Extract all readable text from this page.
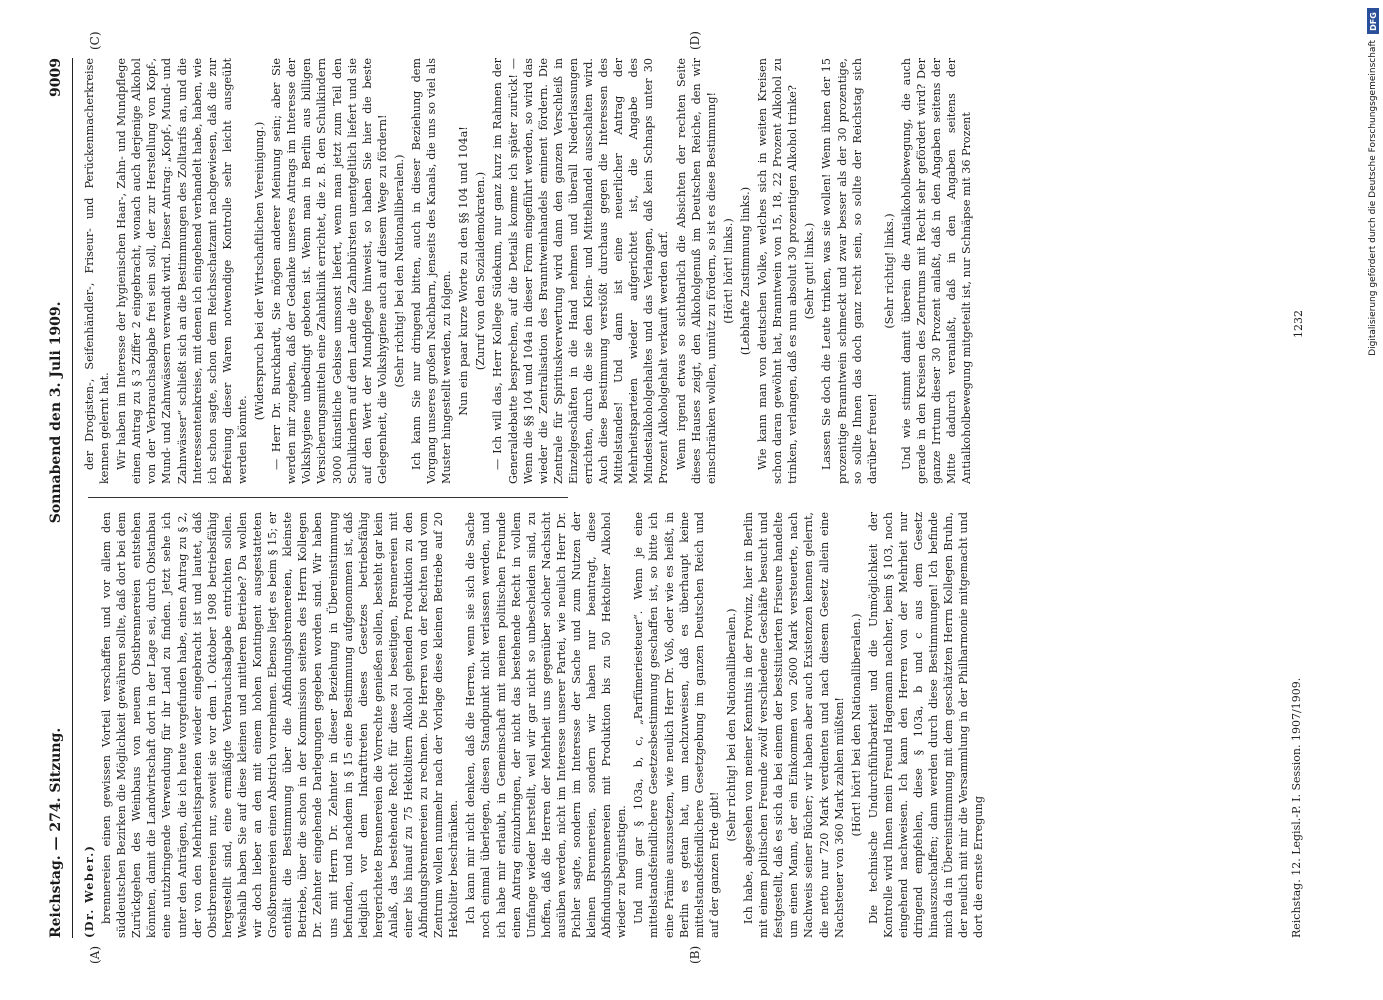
Reichstag. — 274. Sitzung.
Sonnabend den 3. Juli 1909.
9009
(A)	(B)
(C)	(D)

(Dr. Weber.) brennereien einen gewissen Vorteil verschaffen und vor allem den süddeutschen Bezirken die Möglichkeit gewähren sollte, daß dort bei dem Zurückgehen des Weinbaus von neuem Obstbrennereien entstehen könnten, damit die Landwirtschaft dort in der Lage sei, durch Obstanbau eine nutzbringende Verwendung für ihr Land zu finden. Jetzt sehe ich unter den Anträgen, die ich heute vorgefunden habe, einen Antrag zu § 2, der von den Mehrheitsparteien wieder eingebracht ist und lautet, daß Obstbrennereien nur, soweit sie vor dem 1. Oktober 1908 betriebsfähig hergestellt sind, eine ermäßigte Verbrauchsabgabe entrichten sollen. Weshalb haben Sie auf diese kleinen und mittleren Betriebe? Da wollen wir doch lieber an den mit einem hohen Kontingent ausgestatteten Großbrennereien einen Abstrich vornehmen. Ebenso liegt es beim § 15; er enthält die Bestimmung über die Abfindungsbrennereien, kleinste Betriebe, über die schon in der Kommission seitens des Herrn Kollegen Dr. Zehnter eingehende Darlegungen gegeben worden sind. Wir haben uns mit Herrn Dr. Zehnter in dieser Beziehung in Übereinstimmung befunden, und nachdem in § 15 eine Bestimmung aufgenommen ist, daß lediglich vor dem Inkrafttreten dieses Gesetzes betriebsfähig hergerichtete Brennereien die Vorrechte genießen sollen, besteht gar kein Anlaß, das bestehende Recht für diese zu beseitigen, Brennereien mit einer bis hinauf zu 75 Hektolitern Alkohol gehenden Produktion zu den Abfindungsbrennereien zu rechnen. Die Herren von der Rechten und vom Zentrum wollen nunmehr nach der Vorlage diese kleinen Betriebe auf 20 Hektoliter beschränken. Ich kann mir nicht denken, daß die Herren, wenn sie sich die Sache noch einmal überlegen, diesen Standpunkt nicht verlassen werden, und ich habe mir erlaubt, in Gemeinschaft mit meinen politischen Freunde einen Antrag einzubringen, der nicht das bestehende Recht in vollem Umfange wieder herstellt, weil wir gar nicht so unbescheiden sind, zu hoffen, daß die Herren der Mehrheit uns gegenüber solcher Nachsicht ausüben werden, nicht im Interesse unserer Partei, wie neulich Herr Dr. Pichler sagte, sondern im Interesse der Sache und zum Nutzen der kleinen Brennereien, sondern wir haben nur beantragt, diese Abfindungsbrennereien mit Produktion bis zu 50 Hektoliter Alkohol wieder zu begünstigen. Und nun gar § 103a, b, c, „Parfümeriesteuer“. Wenn je eine mittelstandsfeindlichere Gesetzesbestimmung geschaffen ist, so bitte ich eine Prämie auszusetzen, wie neulich Herr Dr. Voß, oder wie es heißt, in Berlin es getan hat, um nachzuweisen, daß es überhaupt keine mittelstandsfeindlichere Gesetzgebung im ganzen Deutschen Reich und auf der ganzen Erde gibt!

(Sehr richtig! bei den Nationalliberalen.) Ich habe, abgesehen von meiner Kenntnis in der Provinz, hier in Berlin mit einem politischen Freunde zwölf verschiedene Geschäfte besucht und festgestellt, daß es sich da bei einem der bestsituierten Friseure handelte um einen Mann, der ein Einkommen von 2600 Mark versteuerte, nach Nachweis seiner Bücher; wir haben aber auch Existenzen kennen gelernt, die netto nur 720 Mark verdienten und nach diesem Gesetz allein eine Nachsteuer von 360 Mark zahlen müßten! (Hört! hört! bei den Nationalliberalen.) Die technische Undurchführbarkeit und die Unmöglichkeit der Kontrolle wird Ihnen mein Freund Hagemann nachher, beim § 103, noch eingehend nachweisen. Ich kann den Herren von der Mehrheit nur dringend empfehlen, diese § 103a, b und c aus dem Gesetz hinauszuschaffen; dann werden durch diese Bestimmungen! Ich befinde mich da in Übereinstimmung mit dem geschätzten Herrn Kollegen Bruhn, der neulich mit mir die Versammlung in der Philharmonie mitgemacht und dort die ernste Erregung

der Drogisten-, Seifenhändler-, Friseur- und Perückenmacherkreise kennen gelernt hat. Wir haben im Interesse der hygienischen Haar-, Zahn- und Mundpflege einen Antrag zu § 3 Ziffer 2 eingebracht, wonach auch derjenige Alkohol von der Verbrauchsabgabe frei sein soll, der zur Herstellung von Kopf-, Mund- und Zahnwässern verwandt wird. Dieser Antrag: „Kopf-, Mund- und Zahnwässer“ schließt sich an die Bestimmungen des Zolltarifs an, und die Interessentenkreise, mit denen ich eingehend verhandelt habe, haben, wie ich schon sagte, schon dem Reichsschatzamt nachgewiesen, daß die zur Befreiung dieser Waren notwendige Kontrolle sehr leicht ausgeübt werden könnte.

(Widerspruch bei der Wirtschaftlichen Vereinigung.) — Herr Dr. Burckhardt, Sie mögen anderer Meinung sein; aber Sie werden mir zugeben, daß der Gedanke unseres Antrags im Interesse der Volkshygiene unbedingt geboten ist. Wenn man in Berlin aus billigen Versicherungsmitteln eine Zahnklinik errichtet, die z. B. den Schulkindern 3000 künstliche Gebisse umsonst liefert, wenn man jetzt zum Teil den Schulkindern auf dem Lande die Zahnbürsten unentgeltlich liefert und sie auf den Wert der Mundpflege hinweist, so haben Sie hier die beste Gelegenheit, die Volkshygiene auch auf diesem Wege zu fördern! (Sehr richtig! bei den Nationalliberalen.) Ich kann Sie nur dringend bitten, auch in dieser Beziehung dem Vorgang unseres großen Nachbarn, jenseits des Kanals, die uns so viel als Muster hingestellt werden, zu folgen. Nun ein paar kurze Worte zu den §§ 104 und 104a! (Zuruf von den Sozialdemokraten.) — Ich will das, Herr Kollege Südekum, nur ganz kurz im Rahmen der Generaldebatte besprechen, auf die Details komme ich später zurück! — Wenn die §§ 104 und 104a in dieser Form eingeführt werden, so wird das wieder die Zentralisation des Branntweinhandels eminent fördern. Die Zentrale für Spirituskverwertung wird dann den ganzen Verschleiß in Einzelgeschäften in die Hand nehmen und überall Niederlassungen errichten, durch die sie den Klein- und Mittelhandel ausschalten wird. Auch diese Bestimmung verstößt durchaus gegen die Interessen des Mittelstandes! Und dann ist eine neuerlicher Antrag der Mehrheitsparteien wieder aufgerichtet ist, die Angabe des Mindestalkoholgehaltes und das Verlangen, daß kein Schnaps unter 30 Prozent Alkoholgehalt verkauft werden darf. Wenn irgend etwas so sichtbarlich die Absichten der rechten Seite dieses Hauses zeigt, den Alkoholgenuß im Deutschen Reiche, den wir einschränken wollen, unnütz zu fördern, so ist es diese Bestimmung! (Hört! hört! links.) (Lebhafte Zustimmung links.) Wie kann man von deutschen Volke, welches sich in weiten Kreisen schon daran gewöhnt hat, Branntwein von 15, 18, 22 Prozent Alkohol zu trinken, verlangen, daß es nun absolut 30 prozentigen Alkohol trinke? (Sehr gut! links.) Lassen Sie doch die Leute trinken, was sie wollen! Wenn ihnen der 15 prozentige Branntwein schmeckt und zwar besser als der 30 prozentige, so sollte Ihnen das doch ganz recht sein, so sollte der Reichstag sich darüber freuen!

(Sehr richtig! links.) Und wie stimmt damit überein die Antialkoholbewegung, die auch gerade in den Kreisen des Zentrums mit Recht sehr gefördert wird? Der ganze Irrtum dieser 30 Prozent anlaßt, daß in den Angaben seitens der Mitte dadurch veranlaßt, daß in den Angaben seitens der Antialkoholbewegung mitgeteilt ist, nur Schnäpse mit 36 Prozent

Reichstag. 12. Legisl.-P. I. Session. 1907/1909.
1232
DFG
Digitalisierung gefördert durch die Deutsche Forschungsgemeinschaft
